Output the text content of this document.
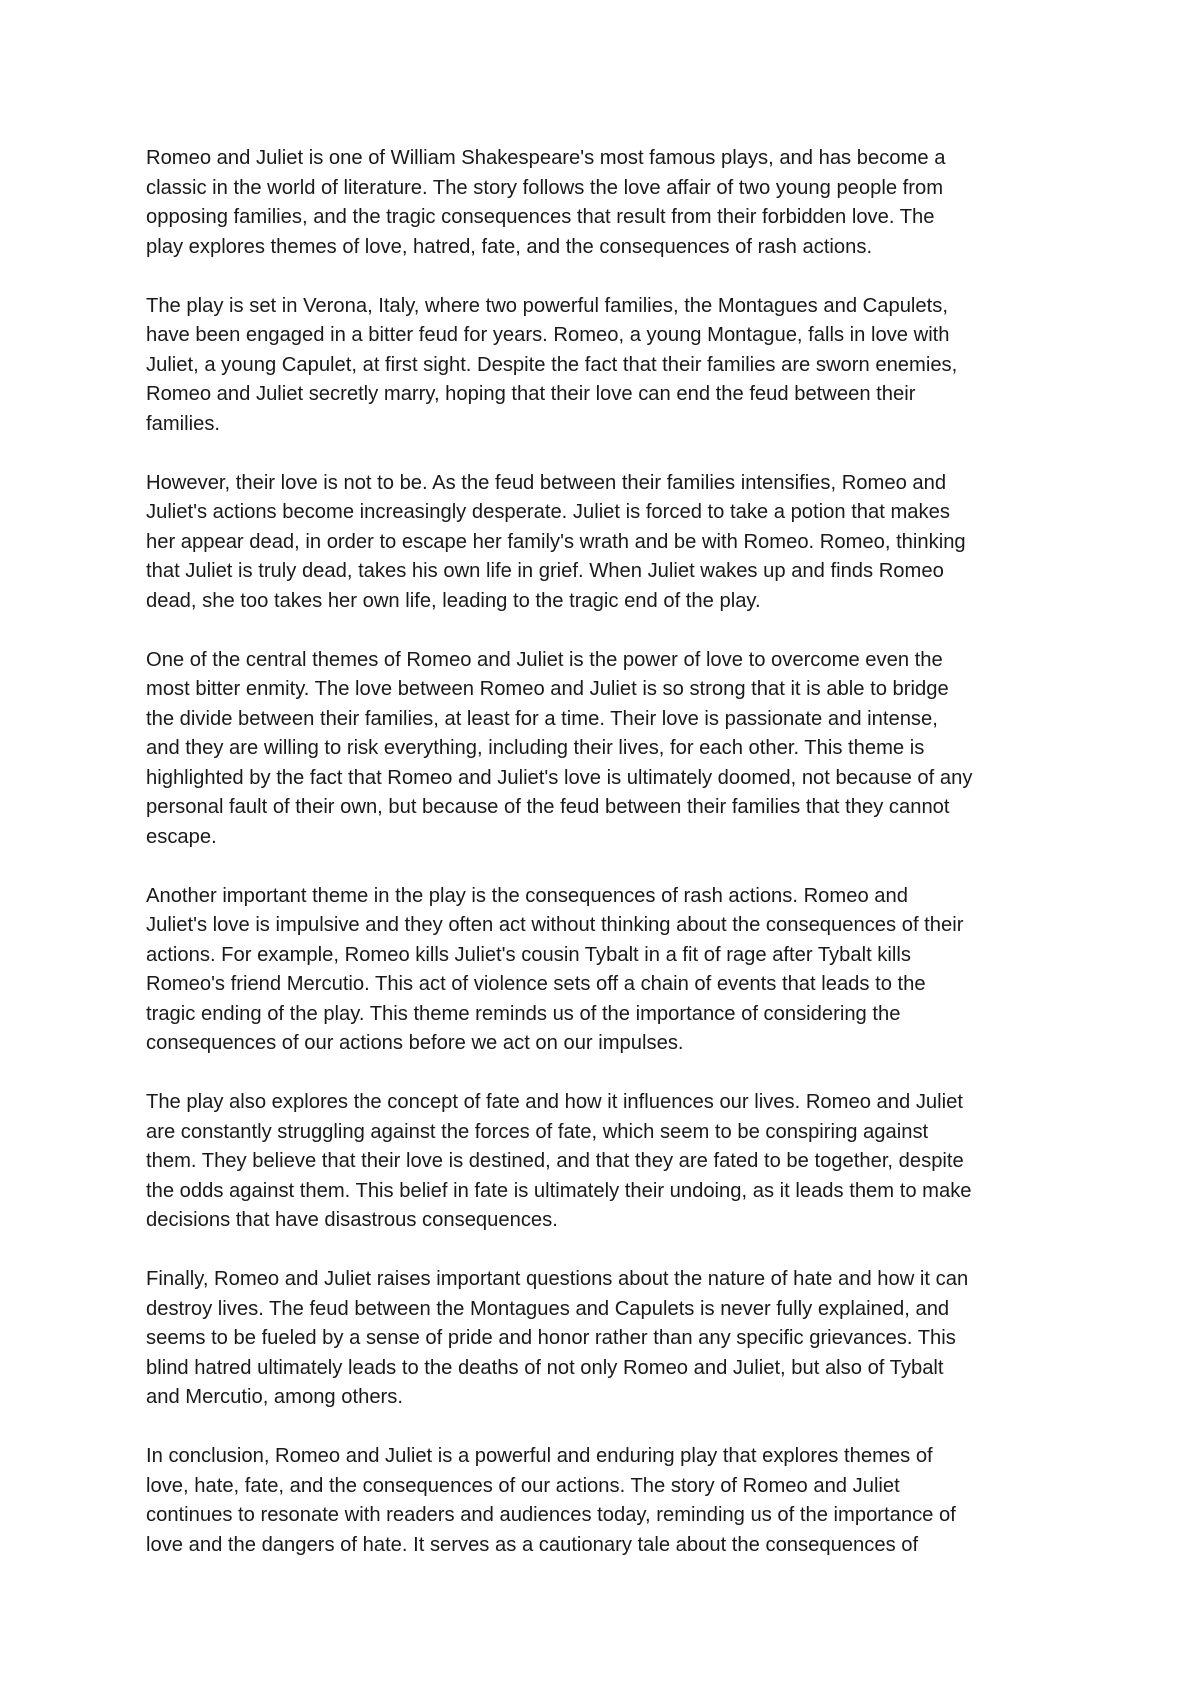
Romeo and Juliet is one of William Shakespeare's most famous plays, and has become a
classic in the world of literature. The story follows the love affair of two young people from
opposing families, and the tragic consequences that result from their forbidden love. The
play explores themes of love, hatred, fate, and the consequences of rash actions.
The play is set in Verona, Italy, where two powerful families, the Montagues and Capulets,
have been engaged in a bitter feud for years. Romeo, a young Montague, falls in love with
Juliet, a young Capulet, at first sight. Despite the fact that their families are sworn enemies,
Romeo and Juliet secretly marry, hoping that their love can end the feud between their
families.
However, their love is not to be. As the feud between their families intensifies, Romeo and
Juliet's actions become increasingly desperate. Juliet is forced to take a potion that makes
her appear dead, in order to escape her family's wrath and be with Romeo. Romeo, thinking
that Juliet is truly dead, takes his own life in grief. When Juliet wakes up and finds Romeo
dead, she too takes her own life, leading to the tragic end of the play.
One of the central themes of Romeo and Juliet is the power of love to overcome even the
most bitter enmity. The love between Romeo and Juliet is so strong that it is able to bridge
the divide between their families, at least for a time. Their love is passionate and intense,
and they are willing to risk everything, including their lives, for each other. This theme is
highlighted by the fact that Romeo and Juliet's love is ultimately doomed, not because of any
personal fault of their own, but because of the feud between their families that they cannot
escape.
Another important theme in the play is the consequences of rash actions. Romeo and
Juliet's love is impulsive and they often act without thinking about the consequences of their
actions. For example, Romeo kills Juliet's cousin Tybalt in a fit of rage after Tybalt kills
Romeo's friend Mercutio. This act of violence sets off a chain of events that leads to the
tragic ending of the play. This theme reminds us of the importance of considering the
consequences of our actions before we act on our impulses.
The play also explores the concept of fate and how it influences our lives. Romeo and Juliet
are constantly struggling against the forces of fate, which seem to be conspiring against
them. They believe that their love is destined, and that they are fated to be together, despite
the odds against them. This belief in fate is ultimately their undoing, as it leads them to make
decisions that have disastrous consequences.
Finally, Romeo and Juliet raises important questions about the nature of hate and how it can
destroy lives. The feud between the Montagues and Capulets is never fully explained, and
seems to be fueled by a sense of pride and honor rather than any specific grievances. This
blind hatred ultimately leads to the deaths of not only Romeo and Juliet, but also of Tybalt
and Mercutio, among others.
In conclusion, Romeo and Juliet is a powerful and enduring play that explores themes of
love, hate, fate, and the consequences of our actions. The story of Romeo and Juliet
continues to resonate with readers and audiences today, reminding us of the importance of
love and the dangers of hate. It serves as a cautionary tale about the consequences of
